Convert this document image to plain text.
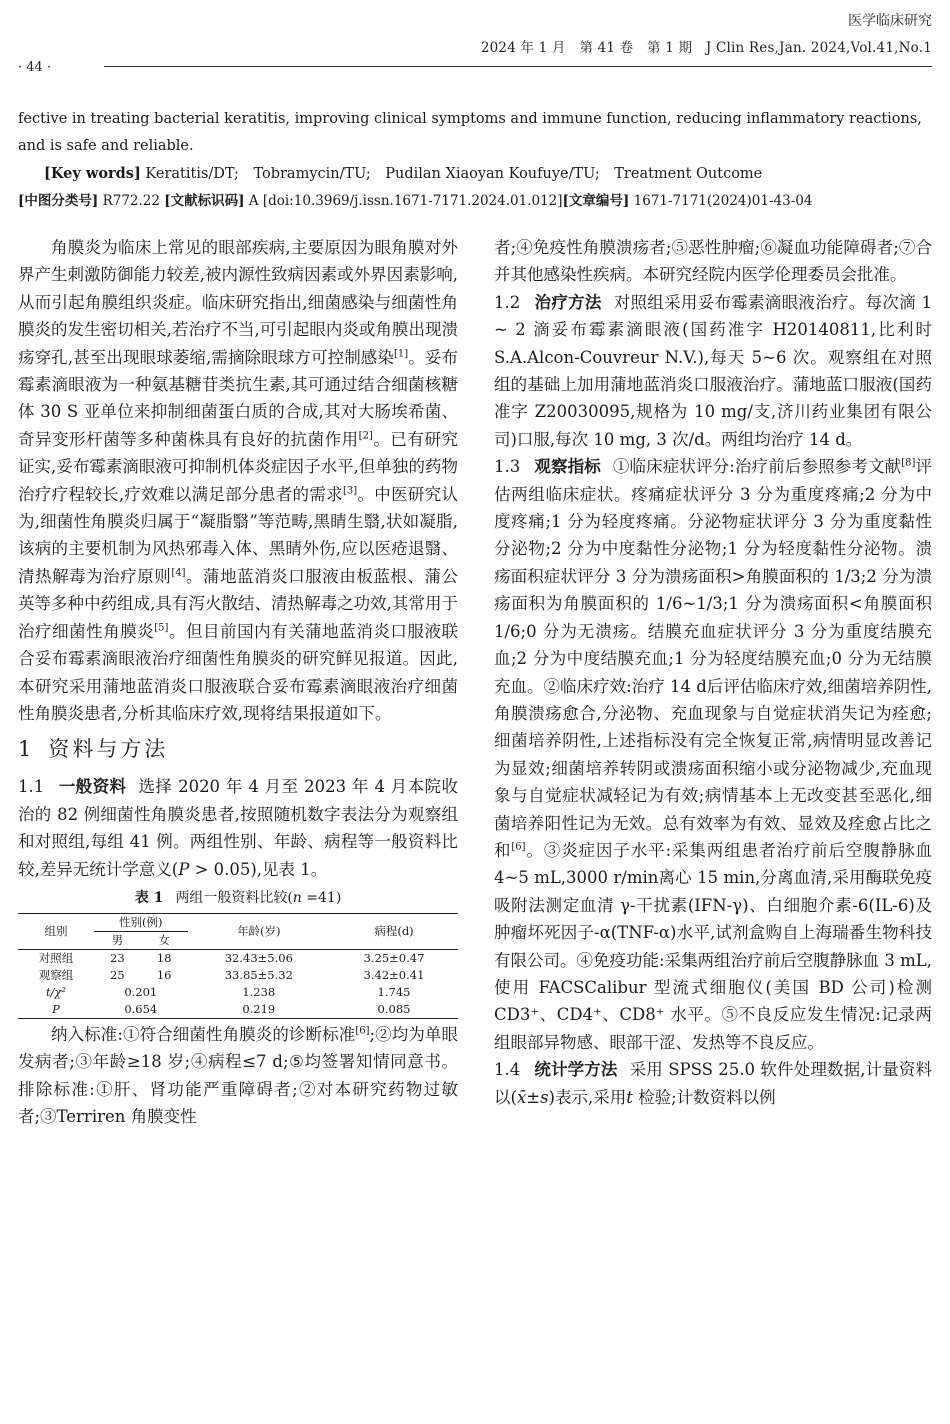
医学临床研究
2024 年 1 月　第 41 卷　第 1 期　J Clin Res,Jan. 2024,Vol.41,No.1
· 44 ·

fective in treating bacterial keratitis, improving clinical symptoms and immune function, reducing inflammatory reactions, and is safe and reliable.

[Key words] Keratitis/DT;　Tobramycin/TU;　Pudilan Xiaoyan Koufuye/TU;　Treatment Outcome

[中图分类号] R772.22 [文献标识码] A [doi:10.3969/j.issn.1671-7171.2024.01.012][文章编号] 1671-7171(2024)01-43-04

角膜炎为临床上常见的眼部疾病,主要原因为眼角膜对外界产生刺激防御能力较差,被内源性致病因素或外界因素影响,从而引起角膜组织炎症。临床研究指出,细菌感染与细菌性角膜炎的发生密切相关,若治疗不当,可引起眼内炎或角膜出现溃疡穿孔,甚至出现眼球萎缩,需摘除眼球方可控制感染[1]。妥布霉素滴眼液为一种氨基糖苷类抗生素,其可通过结合细菌核糖体 30 S 亚单位来抑制细菌蛋白质的合成,其对大肠埃希菌、奇异变形杆菌等多种菌株具有良好的抗菌作用[2]。已有研究证实,妥布霉素滴眼液可抑制机体炎症因子水平,但单独的药物治疗疗程较长,疗效难以满足部分患者的需求[3]。中医研究认为,细菌性角膜炎归属于“凝脂翳”等范畴,黑睛生翳,状如凝脂,该病的主要机制为风热邪毒入体、黑睛外伤,应以医疮退翳、清热解毒为治疗原则[4]。蒲地蓝消炎口服液由板蓝根、蒲公英等多种中药组成,具有泻火散结、清热解毒之功效,其常用于治疗细菌性角膜炎[5]。但目前国内有关蒲地蓝消炎口服液联合妥布霉素滴眼液治疗细菌性角膜炎的研究鲜见报道。因此,本研究采用蒲地蓝消炎口服液联合妥布霉素滴眼液治疗细菌性角膜炎患者,分析其临床疗效,现将结果报道如下。

1 资料与方法

1.1 一般资料 选择 2020 年 4 月至 2023 年 4 月本院收治的 82 例细菌性角膜炎患者,按照随机数字表法分为观察组和对照组,每组 41 例。两组性别、年龄、病程等一般资料比较,差异无统计学意义(P > 0.05),见表 1。

表 1 两组一般资料比较(n =41)
组别	性别(例)		年龄(岁)	病程(d)
	男	女		
对照组	23	18	32.43±5.06	3.25±0.47
观察组	25	16	33.85±5.32	3.42±0.41
t/χ²	0.201		1.238	1.745
P	0.654		0.219	0.085

纳入标准:①符合细菌性角膜炎的诊断标准[6];②均为单眼发病者;③年龄≥18 岁;④病程≤7 d;⑤均签署知情同意书。排除标准:①肝、肾功能严重障碍者;②对本研究药物过敏者;③Terriren 角膜变性

者;④免疫性角膜溃疡者;⑤恶性肿瘤;⑥凝血功能障碍者;⑦合并其他感染性疾病。本研究经院内医学伦理委员会批准。

1.2 治疗方法 对照组采用妥布霉素滴眼液治疗。每次滴 1 ~ 2 滴妥布霉素滴眼液(国药准字 H20140811,比利时 S.A.Alcon-Couvreur N.V.),每天 5~6 次。观察组在对照组的基础上加用蒲地蓝消炎口服液治疗。蒲地蓝口服液(国药准字 Z20030095,规格为 10 mg/支,济川药业集团有限公司)口服,每次 10 mg, 3 次/d。两组均治疗 14 d。

1.3 观察指标 ①临床症状评分:治疗前后参照参考文献[8]评估两组临床症状。疼痛症状评分 3 分为重度疼痛;2 分为中度疼痛;1 分为轻度疼痛。分泌物症状评分 3 分为重度黏性分泌物;2 分为中度黏性分泌物;1 分为轻度黏性分泌物。溃疡面积症状评分 3 分为溃疡面积>角膜面积的 1/3;2 分为溃疡面积为角膜面积的 1/6~1/3;1 分为溃疡面积<角膜面积 1/6;0 分为无溃疡。结膜充血症状评分 3 分为重度结膜充血;2 分为中度结膜充血;1 分为轻度结膜充血;0 分为无结膜充血。②临床疗效:治疗 14 d后评估临床疗效,细菌培养阴性,角膜溃疡愈合,分泌物、充血现象与自觉症状消失记为痊愈;细菌培养阴性,上述指标没有完全恢复正常,病情明显改善记为显效;细菌培养转阴或溃疡面积缩小或分泌物减少,充血现象与自觉症状减轻记为有效;病情基本上无改变甚至恶化,细菌培养阳性记为无效。总有效率为有效、显效及痊愈占比之和[6]。③炎症因子水平:采集两组患者治疗前后空腹静脉血 4~5 mL,3000 r/min离心 15 min,分离血清,采用酶联免疫吸附法测定血清 γ-干扰素(IFN-γ)、白细胞介素-6(IL-6)及肿瘤坏死因子-α(TNF-α)水平,试剂盒购自上海瑞番生物科技有限公司。④免疫功能:采集两组治疗前后空腹静脉血 3 mL,使用 FACSCalibur 型流式细胞仪(美国 BD 公司)检测 CD3⁺、CD4⁺、CD8⁺ 水平。⑤不良反应发生情况:记录两组眼部异物感、眼部干涩、发热等不良反应。

1.4 统计学方法 采用 SPSS 25.0 软件处理数据,计量资料以(x̄±s)表示,采用t 检验;计数资料以例
